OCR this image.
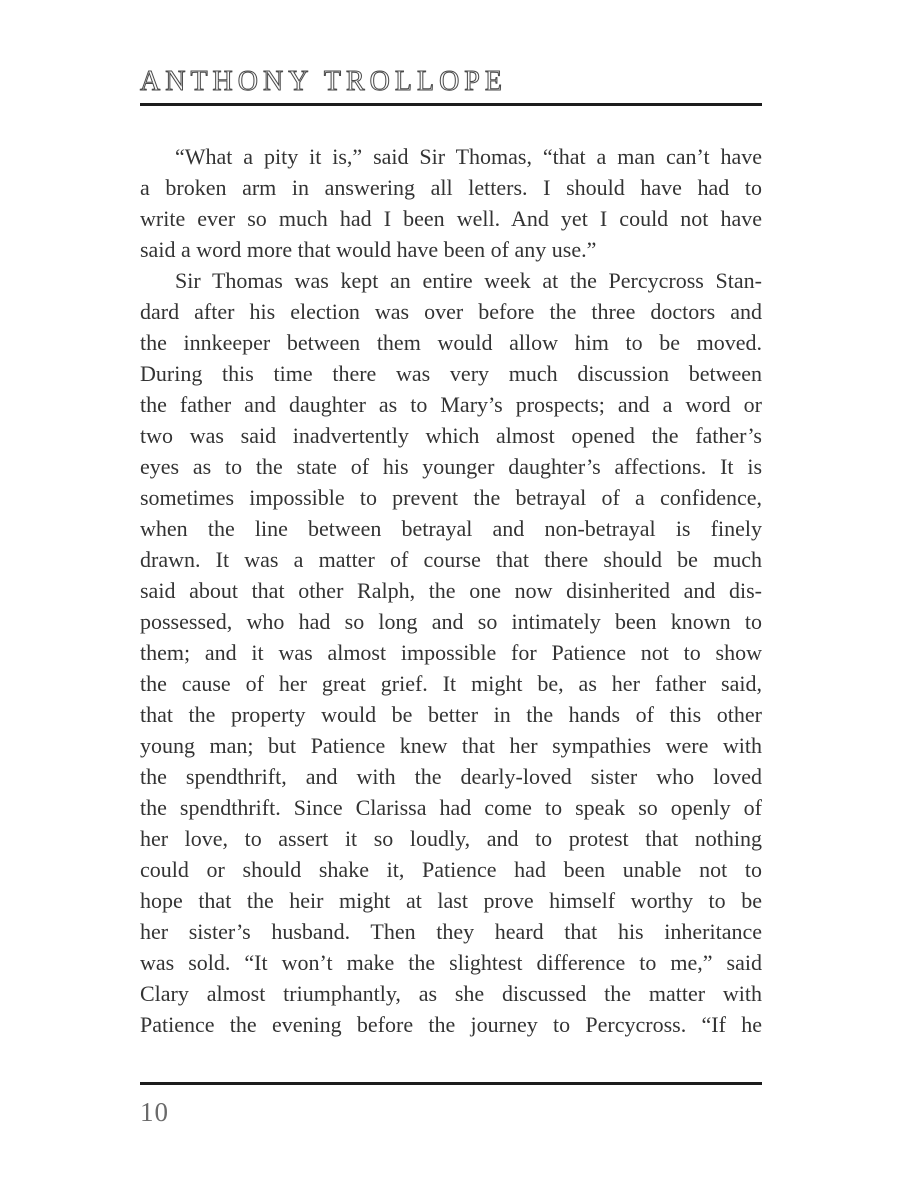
ANTHONY TROLLOPE
“What a pity it is,” said Sir Thomas, “that a man can’t have
a broken arm in answering all letters. I should have had to
write ever so much had I been well. And yet I could not have
said a word more that would have been of any use.”
Sir Thomas was kept an entire week at the Percycross Stan-
dard after his election was over before the three doctors and
the innkeeper between them would allow him to be moved.
During this time there was very much discussion between
the father and daughter as to Mary’s prospects; and a word or
two was said inadvertently which almost opened the father’s
eyes as to the state of his younger daughter’s affections. It is
sometimes impossible to prevent the betrayal of a confidence,
when the line between betrayal and non-betrayal is finely
drawn. It was a matter of course that there should be much
said about that other Ralph, the one now disinherited and dis-
possessed, who had so long and so intimately been known to
them; and it was almost impossible for Patience not to show
the cause of her great grief. It might be, as her father said,
that the property would be better in the hands of this other
young man; but Patience knew that her sympathies were with
the spendthrift, and with the dearly-loved sister who loved
the spendthrift. Since Clarissa had come to speak so openly of
her love, to assert it so loudly, and to protest that nothing
could or should shake it, Patience had been unable not to
hope that the heir might at last prove himself worthy to be
her sister’s husband. Then they heard that his inheritance
was sold. “It won’t make the slightest difference to me,” said
Clary almost triumphantly, as she discussed the matter with
Patience the evening before the journey to Percycross. “If he
10
